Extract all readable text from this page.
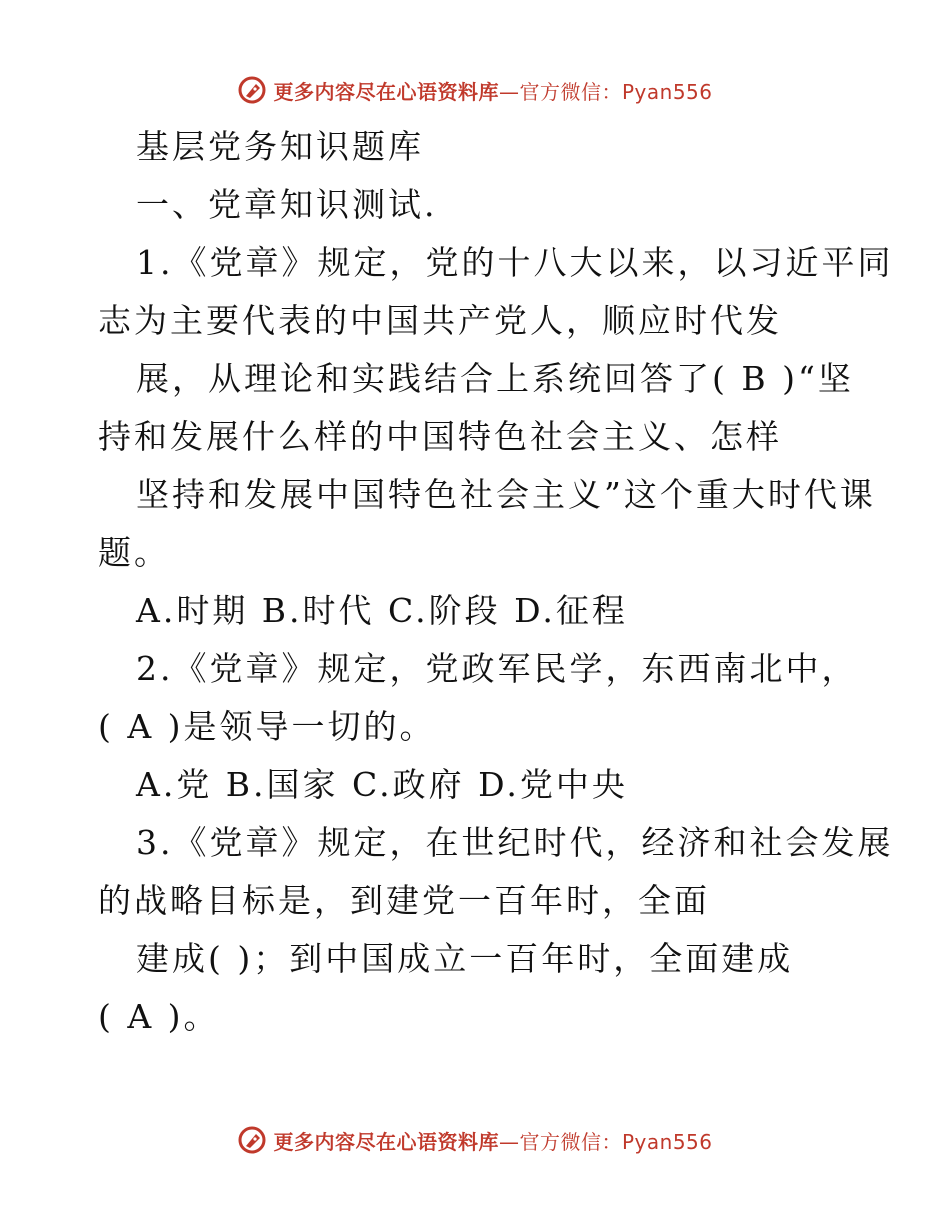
更多内容尽在心语资料库—官方微信：Pyan556
基层党务知识题库
一、党章知识测试.
1.《党章》规定，党的十八大以来，以习近平同
志为主要代表的中国共产党人，顺应时代发
展，从理论和实践结合上系统回答了( B )“坚
持和发展什么样的中国特色社会主义、怎样
坚持和发展中国特色社会主义”这个重大时代课
题。
A.时期 B.时代 C.阶段 D.征程
2.《党章》规定，党政军民学，东西南北中，
( A )是领导一切的。
A.党 B.国家 C.政府 D.党中央
3.《党章》规定，在世纪时代，经济和社会发展
的战略目标是，到建党一百年时，全面
建成( )；到中国成立一百年时，全面建成
( A )。
更多内容尽在心语资料库—官方微信：Pyan556
